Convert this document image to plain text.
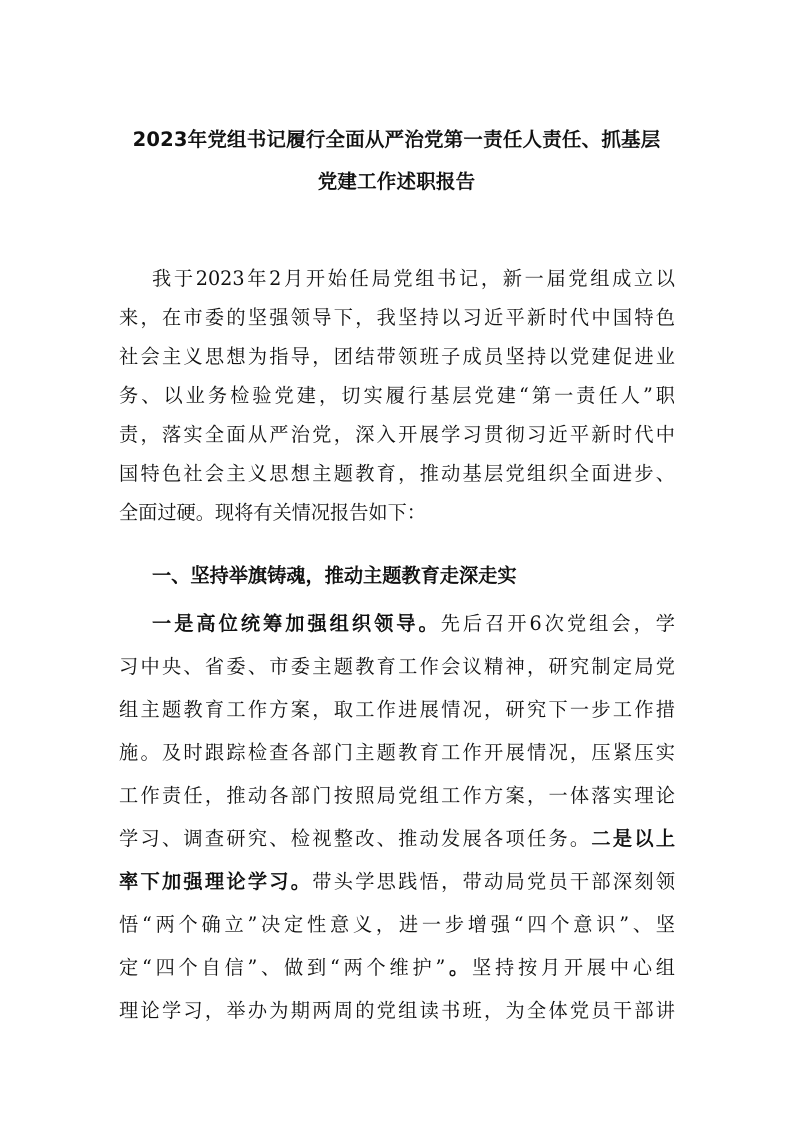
2023年党组书记履行全面从严治党第一责任人责任、抓基层
党建工作述职报告
我于2023年2月开始任局党组书记，新一届党组成立以
来，在市委的坚强领导下，我坚持以习近平新时代中国特色
社会主义思想为指导，团结带领班子成员坚持以党建促进业
务、以业务检验党建，切实履行基层党建“第一责任人”职
责，落实全面从严治党，深入开展学习贯彻习近平新时代中
国特色社会主义思想主题教育，推动基层党组织全面进步、
全面过硬。现将有关情况报告如下：
一、坚持举旗铸魂，推动主题教育走深走实
一是高位统筹加强组织领导。先后召开6次党组会，学
习中央、省委、市委主题教育工作会议精神，研究制定局党
组主题教育工作方案，取工作进展情况，研究下一步工作措
施。及时跟踪检查各部门主题教育工作开展情况，压紧压实
工作责任，推动各部门按照局党组工作方案，一体落实理论
学习、调查研究、检视整改、推动发展各项任务。二是以上
率下加强理论学习。带头学思践悟，带动局党员干部深刻领
悟“两个确立”决定性意义，进一步增强“四个意识”、坚
定“四个自信”、做到“两个维护”。坚持按月开展中心组
理论学习，举办为期两周的党组读书班，为全体党员干部讲
